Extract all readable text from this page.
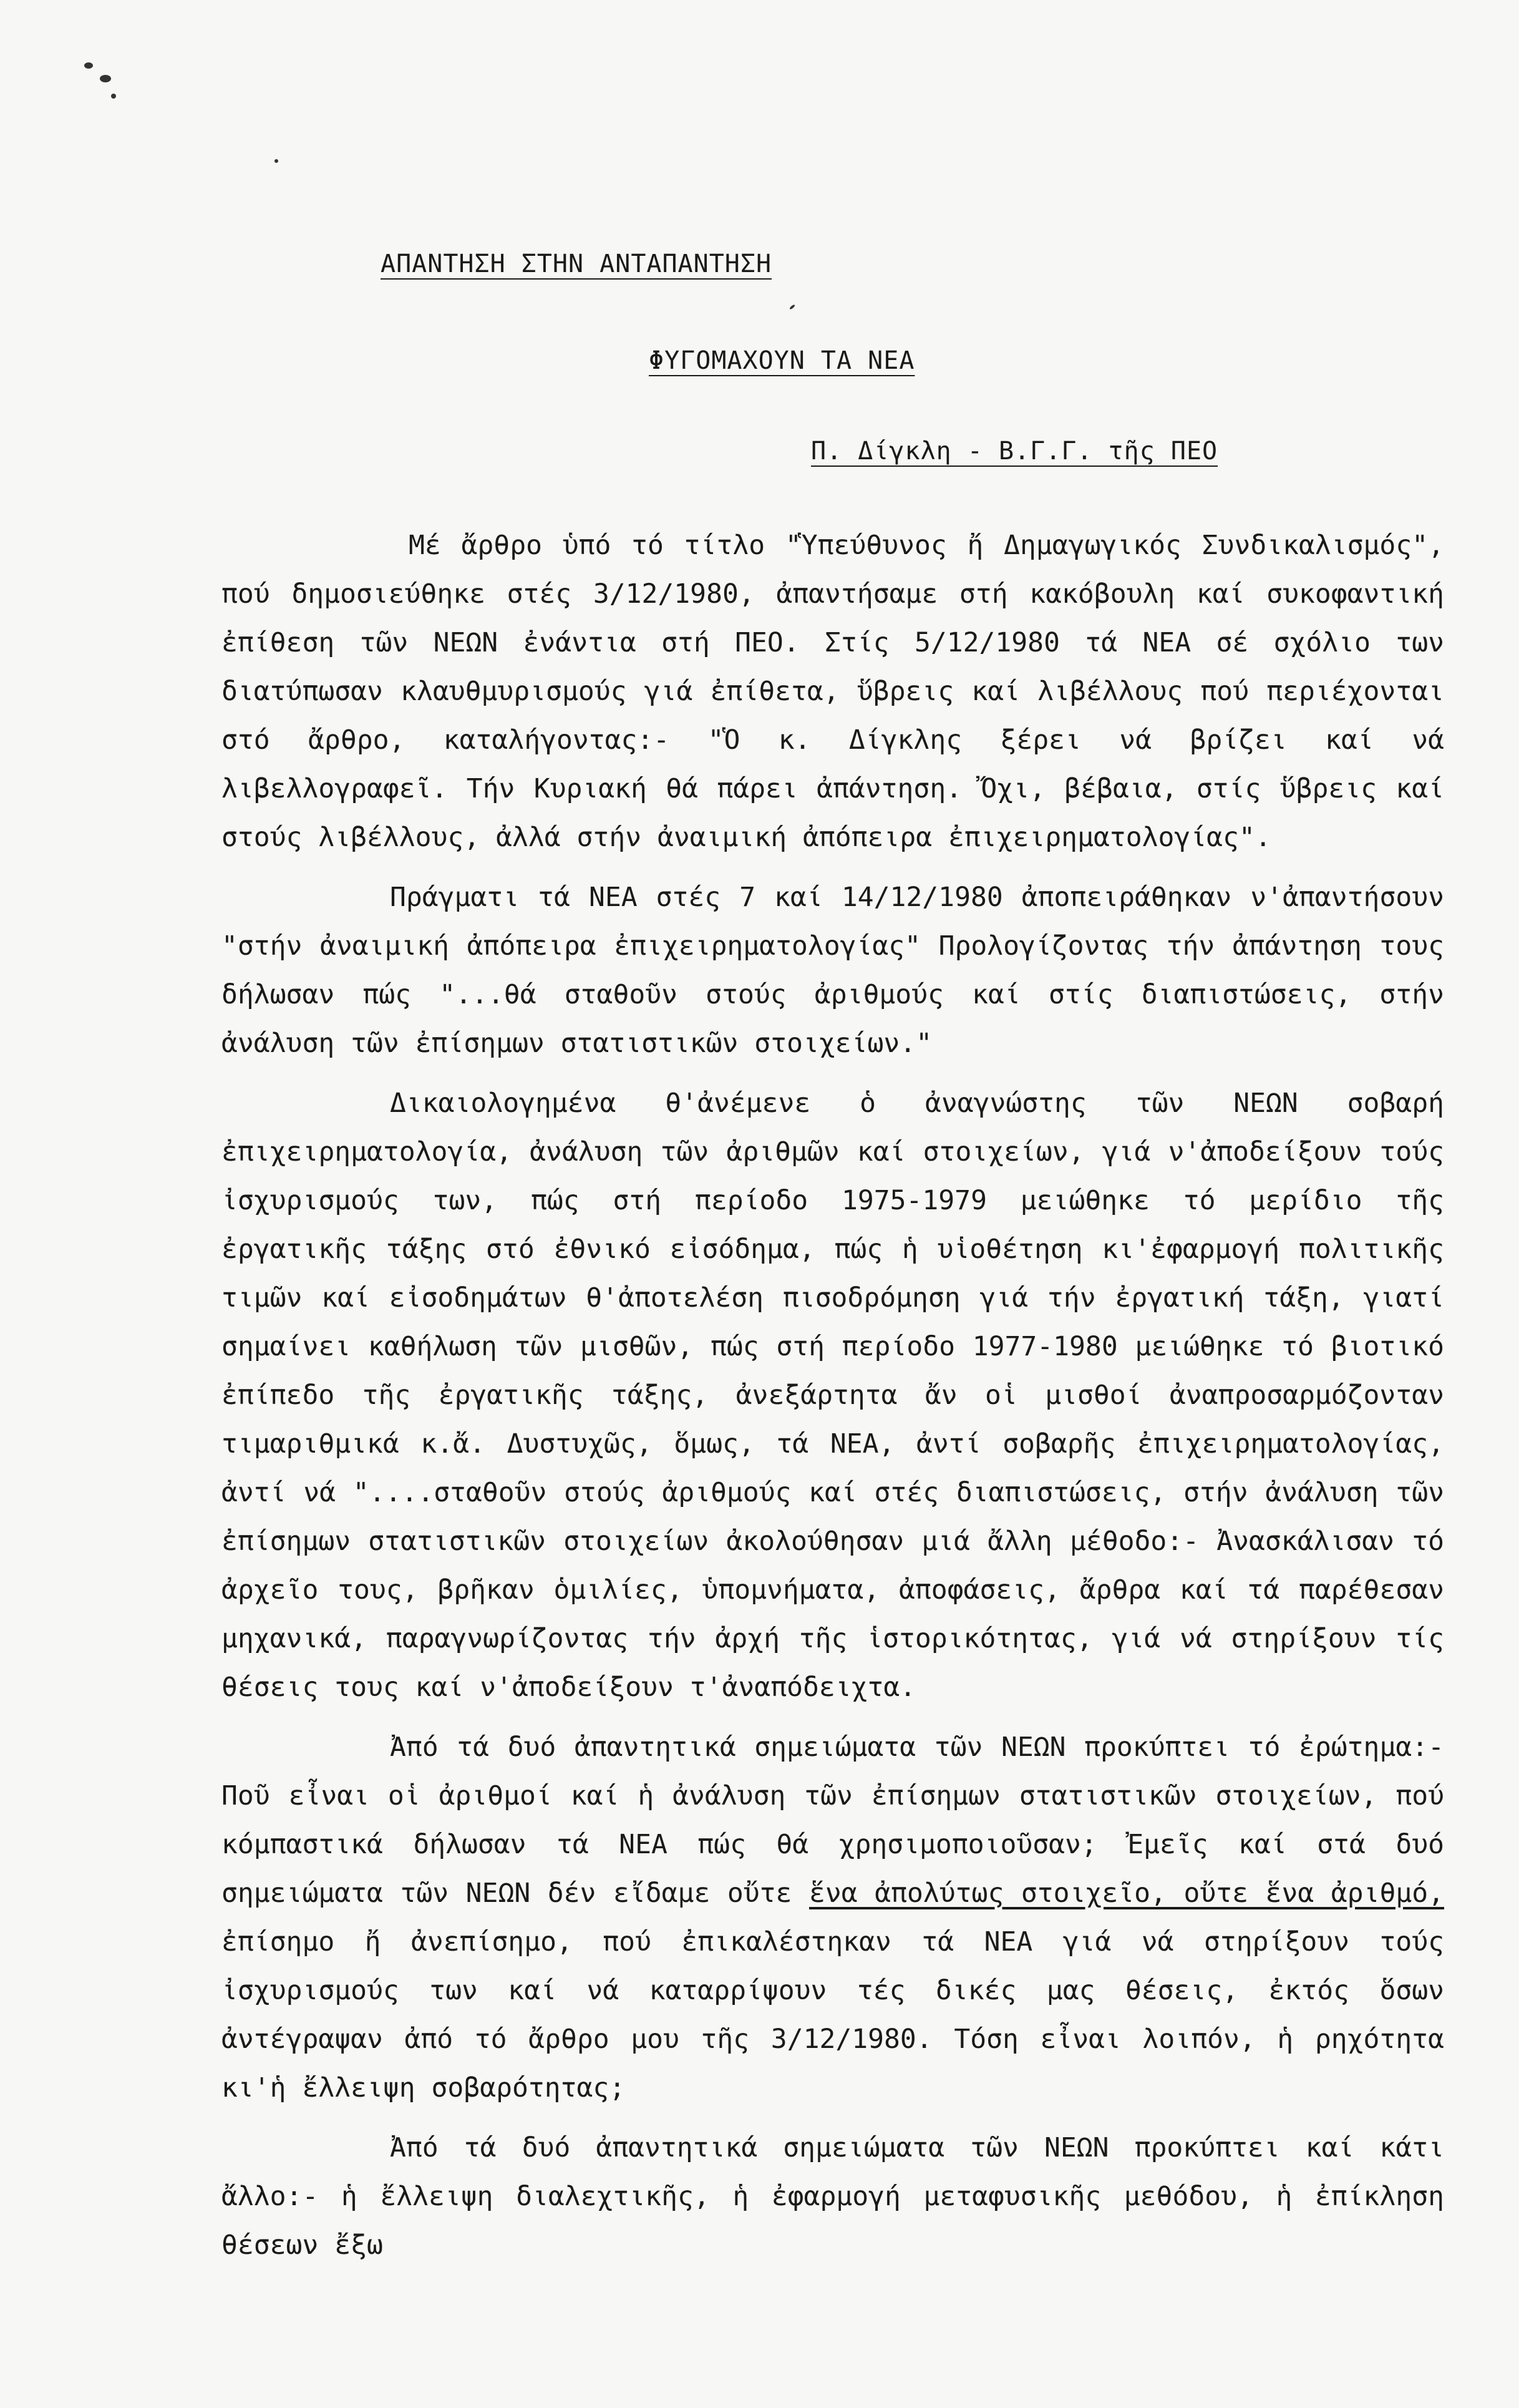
ΑΠΑΝΤΗΣΗ ΣΤΗΝ ΑΝΤΑΠΑΝΤΗΣΗ
ΦΥΓΟΜΑΧΟΥΝ ΤΑ ΝΕΑ
Π. Δίγκλη - Β.Γ.Γ. τῆς ΠΕΟ

Μέ ἄρθρο ὑπό τό τίτλο "Ὑπεύθυνος ἤ Δημαγωγικός Συνδικαλισμός", πού δημοσιεύθηκε στές 3/12/1980, ἀπαντήσαμε στή κακόβουλη καί συκοφαντική ἐπίθεση τῶν ΝΕΩΝ ἐνάντια στή ΠΕΟ. Στίς 5/12/1980 τά ΝΕΑ σέ σχόλιο των διατύπωσαν κλαυθμυρισμούς γιά ἐπίθετα, ὕβρεις καί λιβέλλους πού περιέχονται στό ἄρθρο, καταλήγοντας:- "Ὁ κ. Δίγκλης ξέρει νά βρίζει καί νά λιβελλογραφεῖ. Τήν Κυριακή θά πάρει ἀπάντηση. Ὄχι, βέβαια, στίς ὕβρεις καί στούς λιβέλλους, ἀλλά στήν ἀναιμική ἀπόπειρα ἐπιχειρηματολογίας".

Πράγματι τά ΝΕΑ στές 7 καί 14/12/1980 ἀποπειράθηκαν ν'ἀπαντήσουν "στήν ἀναιμική ἀπόπειρα ἐπιχειρηματολογίας" Προλογίζοντας τήν ἀπάντηση τους δήλωσαν πώς "...θά σταθοῦν στούς ἀριθμούς καί στίς διαπιστώσεις, στήν ἀνάλυση τῶν ἐπίσημων στατιστικῶν στοιχείων."

Δικαιολογημένα θ'ἀνέμενε ὁ ἀναγνώστης τῶν ΝΕΩΝ σοβαρή ἐπιχειρηματολογία, ἀνάλυση τῶν ἀριθμῶν καί στοιχείων, γιά ν'ἀποδείξουν τούς ἰσχυρισμούς των, πώς στή περίοδο 1975-1979 μειώθηκε τό μερίδιο τῆς ἐργατικῆς τάξης στό ἐθνικό εἰσόδημα, πώς ἡ υἱοθέτηση κι'ἐφαρμογή πολιτικῆς τιμῶν καί εἰσοδημάτων θ'ἀποτελέση πισοδρόμηση γιά τήν ἐργατική τάξη, γιατί σημαίνει καθήλωση τῶν μισθῶν, πώς στή περίοδο 1977-1980 μειώθηκε τό βιοτικό ἐπίπεδο τῆς ἐργατικῆς τάξης, ἀνεξάρτητα ἄν οἱ μισθοί ἀναπροσαρμόζονταν τιμαριθμικά κ.ἄ. Δυστυχῶς, ὅμως, τά ΝΕΑ, ἀντί σοβαρῆς ἐπιχειρηματολογίας, ἀντί νά "....σταθοῦν στούς ἀριθμούς καί στές διαπιστώσεις, στήν ἀνάλυση τῶν ἐπίσημων στατιστικῶν στοιχείων ἀκολούθησαν μιά ἄλλη μέθοδο:- Ἀνασκάλισαν τό ἀρχεῖο τους, βρῆκαν ὁμιλίες, ὑπομνήματα, ἀποφάσεις, ἄρθρα καί τά παρέθεσαν μηχανικά, παραγνωρίζοντας τήν ἀρχή τῆς ἱστορικότητας, γιά νά στηρίξουν τίς θέσεις τους καί ν'ἀποδείξουν τ'ἀναπόδειχτα.

Ἀπό τά δυό ἀπαντητικά σημειώματα τῶν ΝΕΩΝ προκύπτει τό ἐρώτημα:- Ποῦ εἶναι οἱ ἀριθμοί καί ἡ ἀνάλυση τῶν ἐπίσημων στατιστικῶν στοιχείων, πού κόμπαστικά δήλωσαν τά ΝΕΑ πώς θά χρησιμοποιοῦσαν; Ἐμεῖς καί στά δυό σημειώματα τῶν ΝΕΩΝ δέν εἴδαμε οὔτε ἕνα ἀπολύτως στοιχεῖο, οὔτε ἕνα ἀριθμό, ἐπίσημο ἤ ἀνεπίσημο, πού ἐπικαλέστηκαν τά ΝΕΑ γιά νά στηρίξουν τούς ἰσχυρισμούς των καί νά καταρρίψουν τές δικές μας θέσεις, ἐκτός ὅσων ἀντέγραψαν ἀπό τό ἄρθρο μου τῆς 3/12/1980. Τόση εἶναι λοιπόν, ἡ ρηχότητα κι'ἡ ἔλλειψη σοβαρότητας;

Ἀπό τά δυό ἀπαντητικά σημειώματα τῶν ΝΕΩΝ προκύπτει καί κάτι ἄλλο:- ἡ ἔλλειψη διαλεχτικῆς, ἡ ἐφαρμογή μεταφυσικῆς μεθόδου, ἡ ἐπίκληση θέσεων ἔξω
